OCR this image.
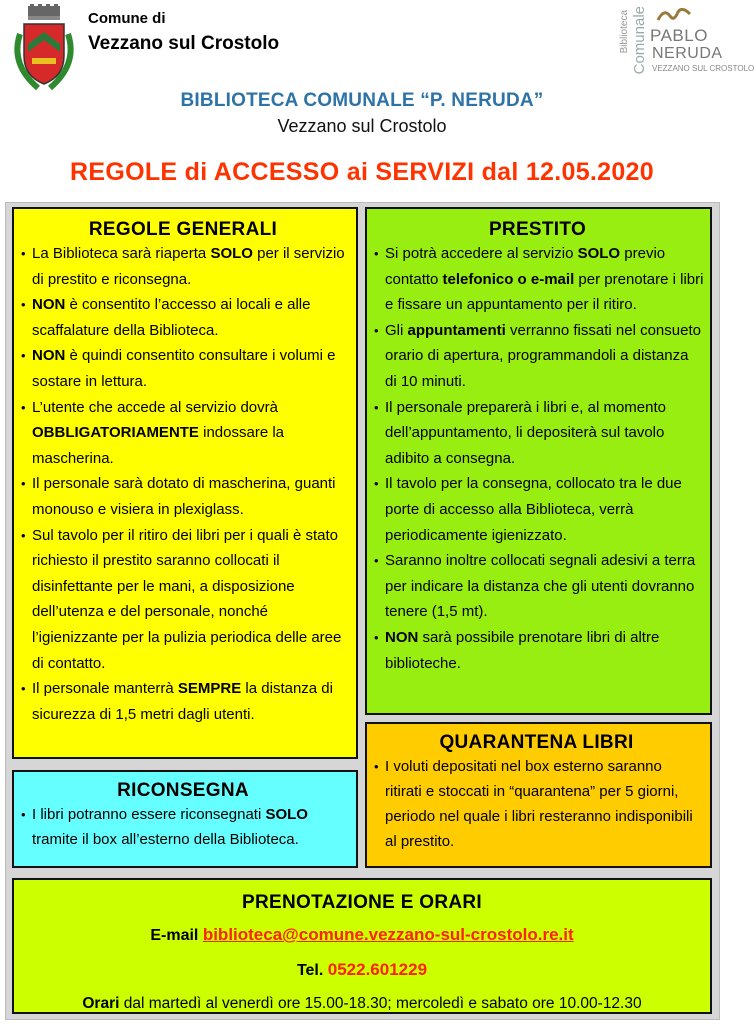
Comune di
Vezzano sul Crostolo	Biblioteca Comunale PABLO
NERUDA
VEZZANO SUL CROSTOLO
BIBLIOTECA COMUNALE “P. NERUDA”
Vezzano sul Crostolo
REGOLE di ACCESSO ai SERVIZI dal 12.05.2020
REGOLE GENERALI
• La Biblioteca sarà riaperta SOLO per il servizio di prestito e riconsegna.
• NON è consentito l’accesso ai locali e alle scaffalature della Biblioteca.
• NON è quindi consentito consultare i volumi e sostare in lettura.
• L’utente che accede al servizio dovrà OBBLIGATORIAMENTE indossare la mascherina.
• Il personale sarà dotato di mascherina, guanti monouso e visiera in plexiglass.
• Sul tavolo per il ritiro dei libri per i quali è stato richiesto il prestito saranno collocati il disinfettante per le mani, a disposizione dell’utenza e del personale, nonché l’igienizzante per la pulizia periodica delle aree di contatto.
• Il personale manterrà SEMPRE la distanza di sicurezza di 1,5 metri dagli utenti.
PRESTITO
• Si potrà accedere al servizio SOLO previo contatto telefonico o e-mail per prenotare i libri e fissare un appuntamento per il ritiro.
• Gli appuntamenti verranno fissati nel consueto orario di apertura, programmandoli a distanza di 10 minuti.
• Il personale preparerà i libri e, al momento dell’appuntamento, li depositerà sul tavolo adibito a consegna.
• Il tavolo per la consegna, collocato tra le due porte di accesso alla Biblioteca, verrà periodicamente igienizzato.
• Saranno inoltre collocati segnali adesivi a terra per indicare la distanza che gli utenti dovranno tenere (1,5 mt).
• NON sarà possibile prenotare libri di altre biblioteche.
QUARANTENA LIBRI
• I voluti depositati nel box esterno saranno ritirati e stoccati in “quarantena” per 5 giorni, periodo nel quale i libri resteranno indisponibili al prestito.
RICONSEGNA
• I libri potranno essere riconsegnati SOLO tramite il box all’esterno della Biblioteca.
PRENOTAZIONE E ORARI
E-mail biblioteca@comune.vezzano-sul-crostolo.re.it
Tel. 0522.601229
Orari dal martedì al venerdì ore 15.00-18.30; mercoledì e sabato ore 10.00-12.30
